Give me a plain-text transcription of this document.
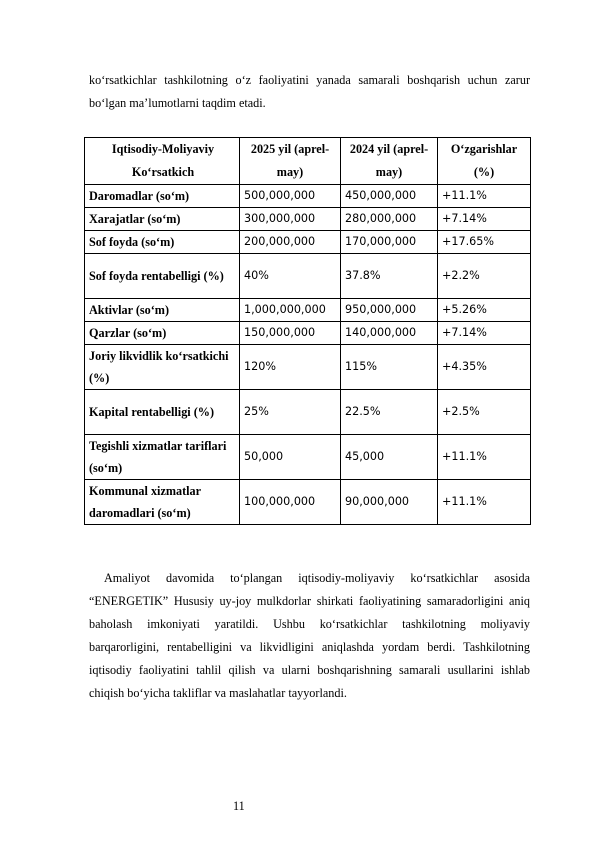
koʻrsatkichlar tashkilotning oʻz faoliyatini yanada samarali boshqarish uchun zarur boʻlgan maʼlumotlarni taqdim etadi.

Iqtisodiy-Moliyaviy Koʻrsatkich	2025 yil (aprel-may)	2024 yil (aprel-may)	Oʻzgarishlar (%)
Daromadlar (soʻm)	500,000,000	450,000,000	+11.1%
Xarajatlar (soʻm)	300,000,000	280,000,000	+7.14%
Sof foyda (soʻm)	200,000,000	170,000,000	+17.65%
Sof foyda rentabelligi (%)	40%	37.8%	+2.2%
Aktivlar (soʻm)	1,000,000,000	950,000,000	+5.26%
Qarzlar (soʻm)	150,000,000	140,000,000	+7.14%
Joriy likvidlik koʻrsatkichi (%)	120%	115%	+4.35%
Kapital rentabelligi (%)	25%	22.5%	+2.5%
Tegishli xizmatlar tariflari (soʻm)	50,000	45,000	+11.1%
Kommunal xizmatlar daromadlari (soʻm)	100,000,000	90,000,000	+11.1%

Amaliyot davomida toʻplangan iqtisodiy-moliyaviy koʻrsatkichlar asosida “ENERGETIK” Hususiy uy-joy mulkdorlar shirkati faoliyatining samaradorligini aniq baholash imkoniyati yaratildi. Ushbu koʻrsatkichlar tashkilotning moliyaviy barqarorligini, rentabelligini va likvidligini aniqlashda yordam berdi. Tashkilotning iqtisodiy faoliyatini tahlil qilish va ularni boshqarishning samarali usullarini ishlab chiqish boʻyicha takliflar va maslahatlar tayyorlandi.

11
